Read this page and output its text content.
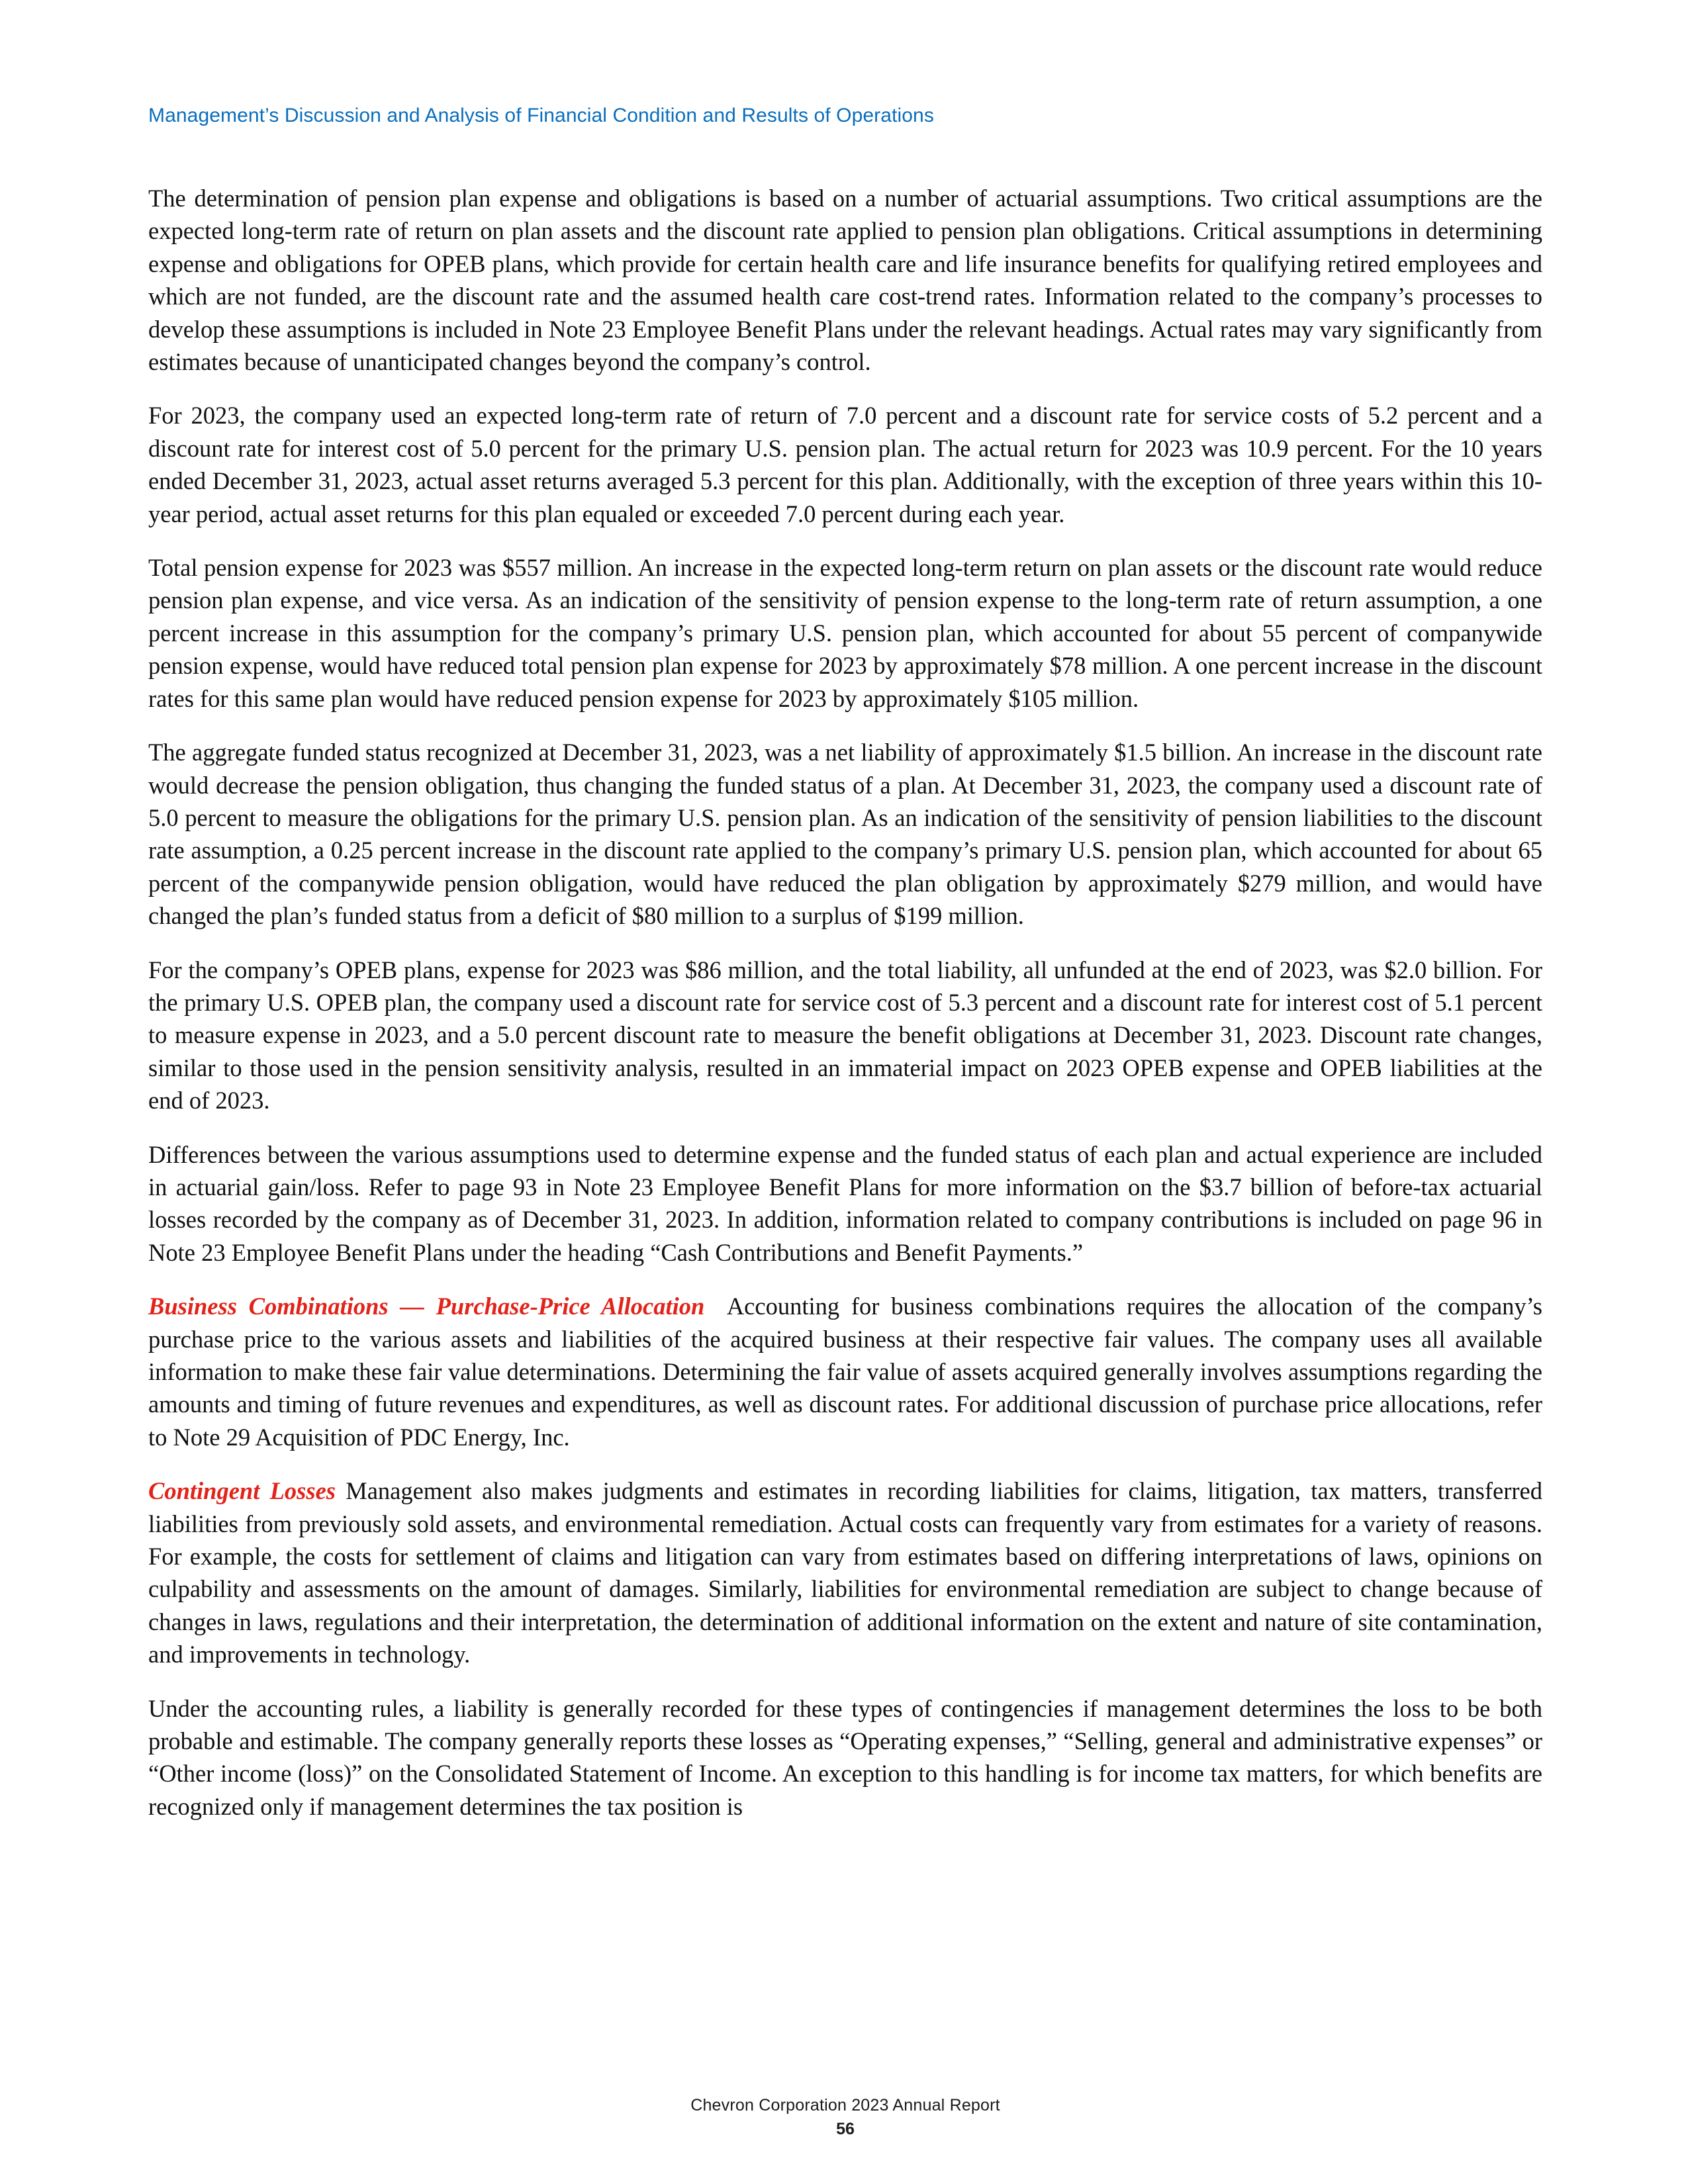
Management’s Discussion and Analysis of Financial Condition and Results of Operations

The determination of pension plan expense and obligations is based on a number of actuarial assumptions. Two critical assumptions are the expected long-term rate of return on plan assets and the discount rate applied to pension plan obligations. Critical assumptions in determining expense and obligations for OPEB plans, which provide for certain health care and life insurance benefits for qualifying retired employees and which are not funded, are the discount rate and the assumed health care cost-trend rates. Information related to the company’s processes to develop these assumptions is included in Note 23 Employee Benefit Plans under the relevant headings. Actual rates may vary significantly from estimates because of unanticipated changes beyond the company’s control.

For 2023, the company used an expected long-term rate of return of 7.0 percent and a discount rate for service costs of 5.2 percent and a discount rate for interest cost of 5.0 percent for the primary U.S. pension plan. The actual return for 2023 was 10.9 percent. For the 10 years ended December 31, 2023, actual asset returns averaged 5.3 percent for this plan. Additionally, with the exception of three years within this 10-year period, actual asset returns for this plan equaled or exceeded 7.0 percent during each year.

Total pension expense for 2023 was $557 million. An increase in the expected long-term return on plan assets or the discount rate would reduce pension plan expense, and vice versa. As an indication of the sensitivity of pension expense to the long-term rate of return assumption, a one percent increase in this assumption for the company’s primary U.S. pension plan, which accounted for about 55 percent of companywide pension expense, would have reduced total pension plan expense for 2023 by approximately $78 million. A one percent increase in the discount rates for this same plan would have reduced pension expense for 2023 by approximately $105 million.

The aggregate funded status recognized at December 31, 2023, was a net liability of approximately $1.5 billion. An increase in the discount rate would decrease the pension obligation, thus changing the funded status of a plan. At December 31, 2023, the company used a discount rate of 5.0 percent to measure the obligations for the primary U.S. pension plan. As an indication of the sensitivity of pension liabilities to the discount rate assumption, a 0.25 percent increase in the discount rate applied to the company’s primary U.S. pension plan, which accounted for about 65 percent of the companywide pension obligation, would have reduced the plan obligation by approximately $279 million, and would have changed the plan’s funded status from a deficit of $80 million to a surplus of $199 million.

For the company’s OPEB plans, expense for 2023 was $86 million, and the total liability, all unfunded at the end of 2023, was $2.0 billion. For the primary U.S. OPEB plan, the company used a discount rate for service cost of 5.3 percent and a discount rate for interest cost of 5.1 percent to measure expense in 2023, and a 5.0 percent discount rate to measure the benefit obligations at December 31, 2023. Discount rate changes, similar to those used in the pension sensitivity analysis, resulted in an immaterial impact on 2023 OPEB expense and OPEB liabilities at the end of 2023.

Differences between the various assumptions used to determine expense and the funded status of each plan and actual experience are included in actuarial gain/loss. Refer to page 93 in Note 23 Employee Benefit Plans for more information on the $3.7 billion of before-tax actuarial losses recorded by the company as of December 31, 2023. In addition, information related to company contributions is included on page 96 in Note 23 Employee Benefit Plans under the heading “Cash Contributions and Benefit Payments.”

Business Combinations — Purchase-Price Allocation Accounting for business combinations requires the allocation of the company’s purchase price to the various assets and liabilities of the acquired business at their respective fair values. The company uses all available information to make these fair value determinations. Determining the fair value of assets acquired generally involves assumptions regarding the amounts and timing of future revenues and expenditures, as well as discount rates. For additional discussion of purchase price allocations, refer to Note 29 Acquisition of PDC Energy, Inc.

Contingent Losses Management also makes judgments and estimates in recording liabilities for claims, litigation, tax matters, transferred liabilities from previously sold assets, and environmental remediation. Actual costs can frequently vary from estimates for a variety of reasons. For example, the costs for settlement of claims and litigation can vary from estimates based on differing interpretations of laws, opinions on culpability and assessments on the amount of damages. Similarly, liabilities for environmental remediation are subject to change because of changes in laws, regulations and their interpretation, the determination of additional information on the extent and nature of site contamination, and improvements in technology.

Under the accounting rules, a liability is generally recorded for these types of contingencies if management determines the loss to be both probable and estimable. The company generally reports these losses as “Operating expenses,” “Selling, general and administrative expenses” or “Other income (loss)” on the Consolidated Statement of Income. An exception to this handling is for income tax matters, for which benefits are recognized only if management determines the tax position is

Chevron Corporation 2023 Annual Report
56
